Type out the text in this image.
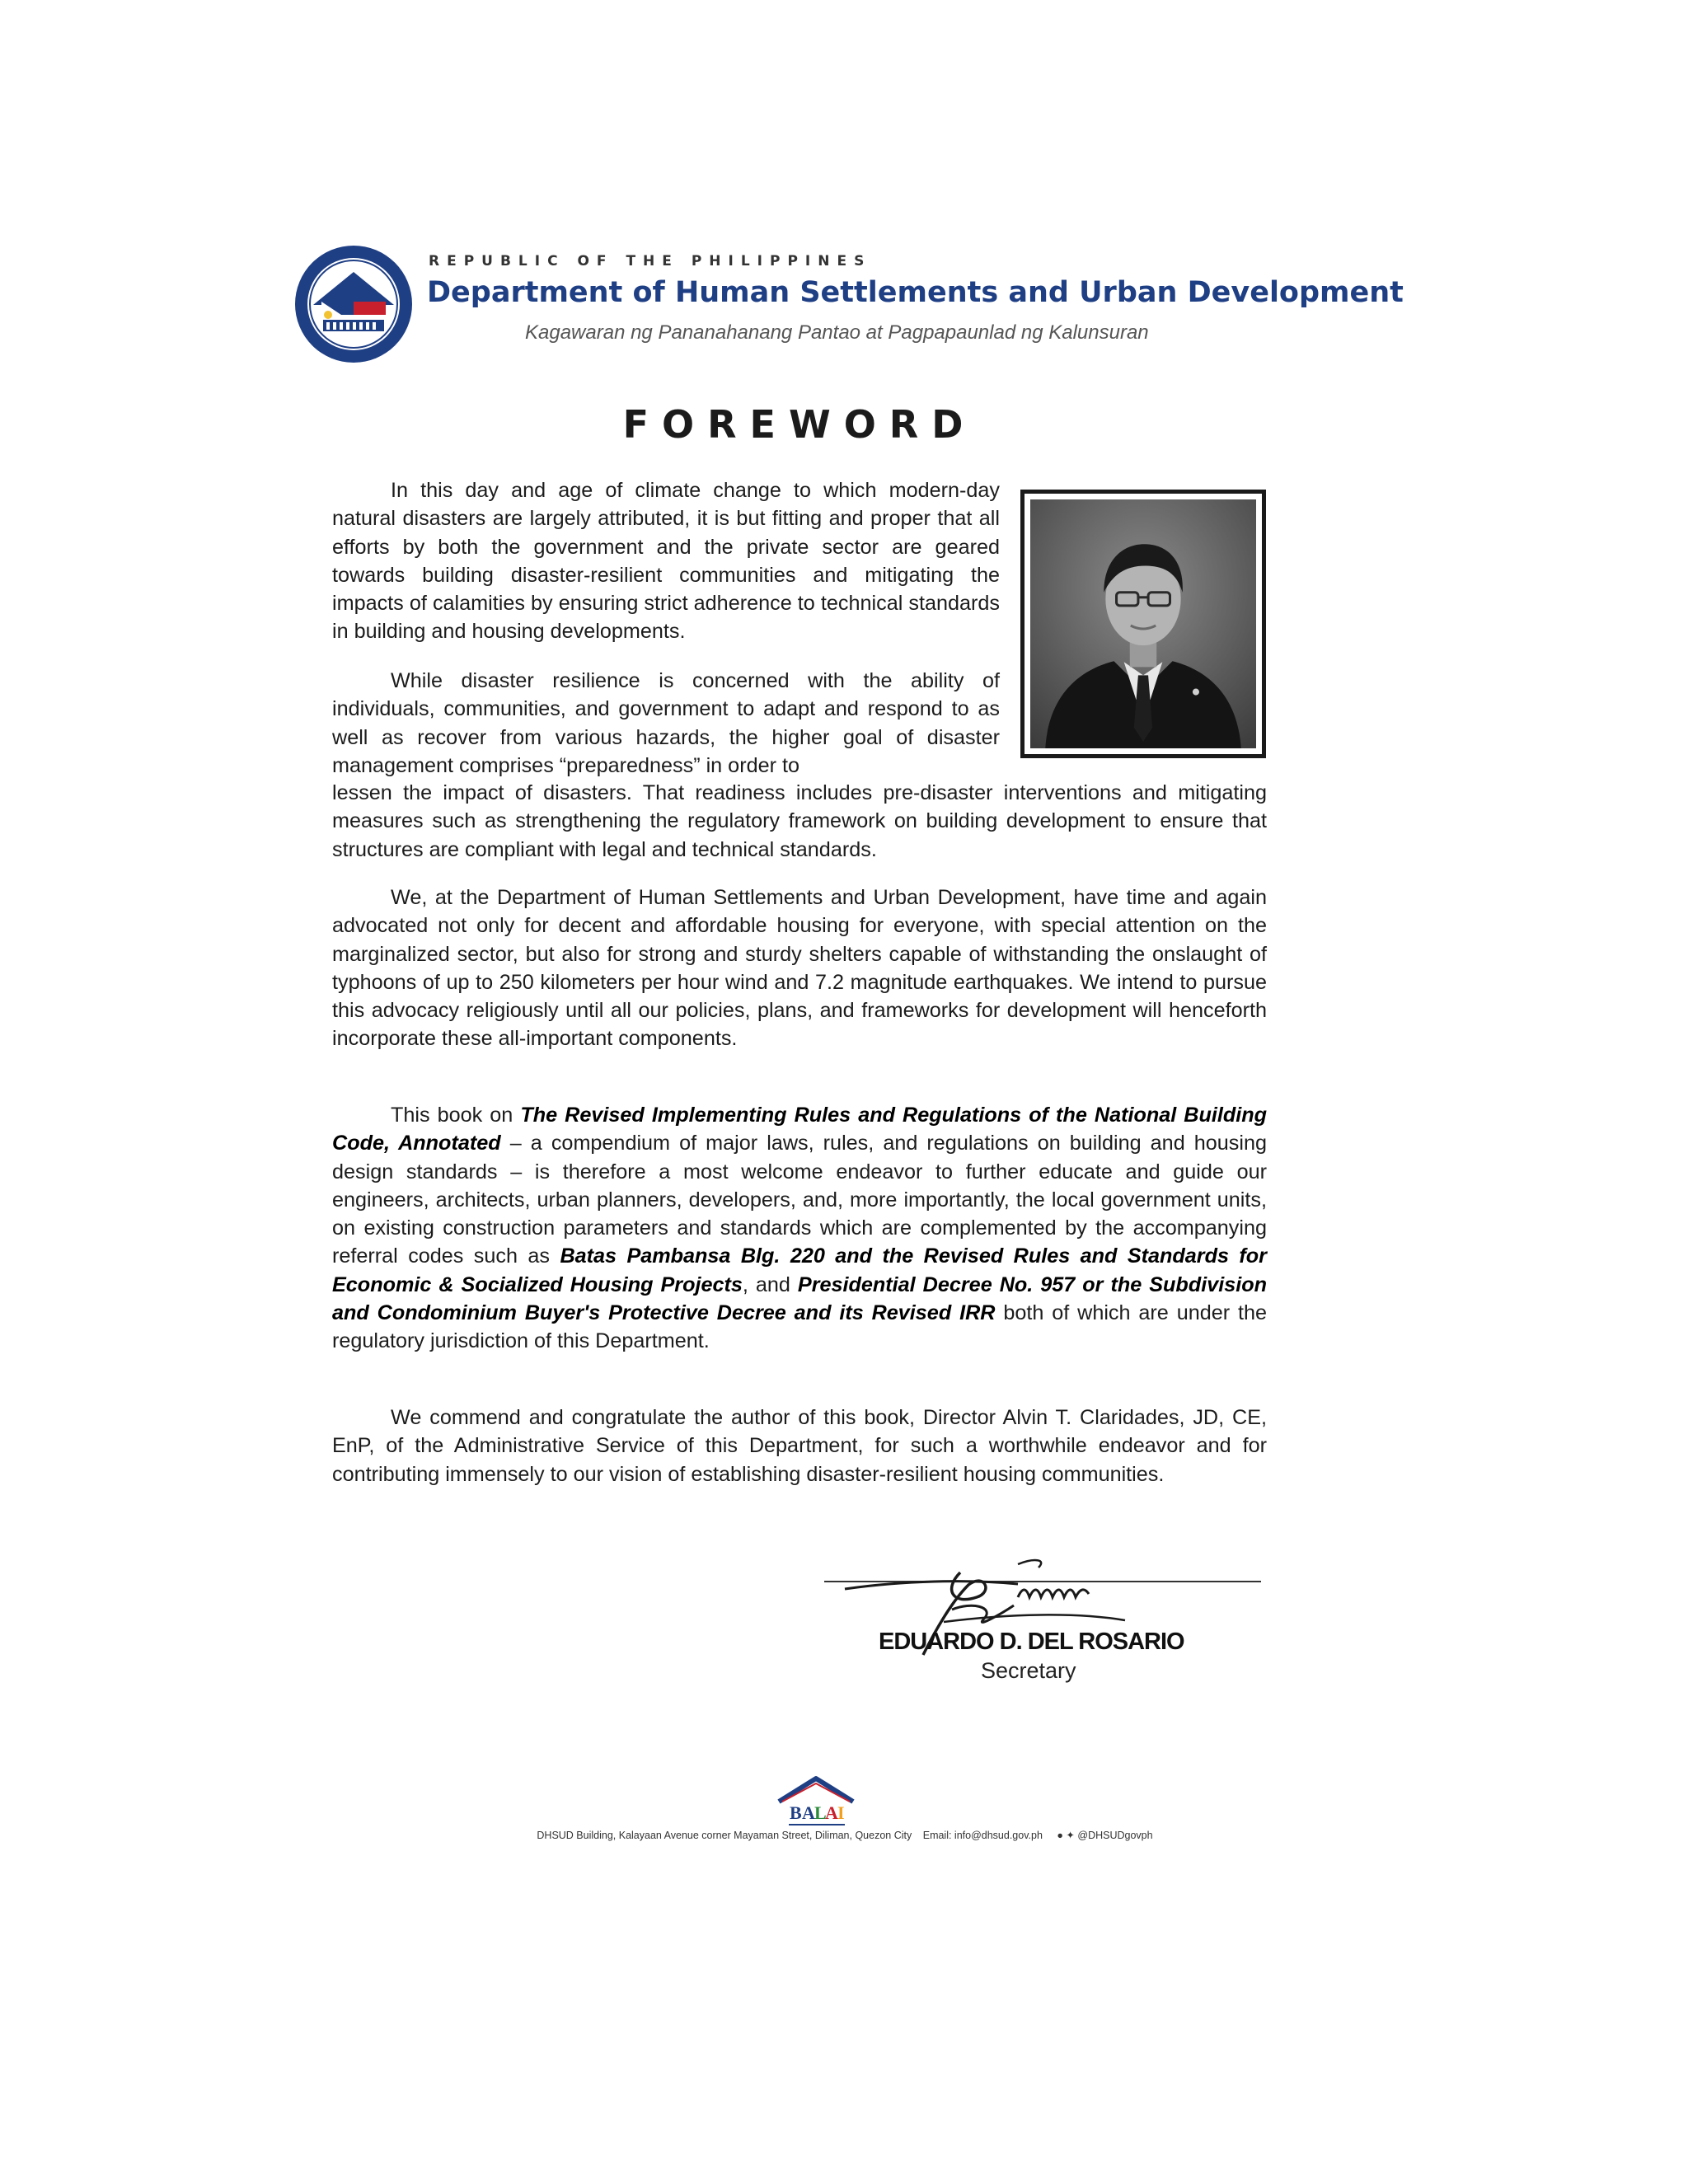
REPUBLIC OF THE PHILIPPINES
Department of Human Settlements and Urban Development
Kagawaran ng Pananahanang Pantao at Pagpapaunlad ng Kalunsuran
FOREWORD

In this day and age of climate change to which modern-day natural disasters are largely attributed, it is but fitting and proper that all efforts by both the government and the private sector are geared towards building disaster-resilient communities and mitigating the impacts of calamities by ensuring strict adherence to technical standards in building and housing developments.

While disaster resilience is concerned with the ability of individuals, communities, and government to adapt and respond to as well as recover from various hazards, the higher goal of disaster management comprises “preparedness” in order to

lessen the impact of disasters. That readiness includes pre-disaster interventions and mitigating measures such as strengthening the regulatory framework on building development to ensure that structures are compliant with legal and technical standards.

We, at the Department of Human Settlements and Urban Development, have time and again advocated not only for decent and affordable housing for everyone, with special attention on the marginalized sector, but also for strong and sturdy shelters capable of withstanding the onslaught of typhoons of up to 250 kilometers per hour wind and 7.2 magnitude earthquakes. We intend to pursue this advocacy religiously until all our policies, plans, and frameworks for development will henceforth incorporate these all-important components.

This book on The Revised Implementing Rules and Regulations of the National Building Code, Annotated – a compendium of major laws, rules, and regulations on building and housing design standards – is therefore a most welcome endeavor to further educate and guide our engineers, architects, urban planners, developers, and, more importantly, the local government units, on existing construction parameters and standards which are complemented by the accompanying referral codes such as Batas Pambansa Blg. 220 and the Revised Rules and Standards for Economic & Socialized Housing Projects, and Presidential Decree No. 957 or the Subdivision and Condominium Buyer's Protective Decree and its Revised IRR both of which are under the regulatory jurisdiction of this Department.

We commend and congratulate the author of this book, Director Alvin T. Claridades, JD, CE, EnP, of the Administrative Service of this Department, for such a worthwhile endeavor and for contributing immensely to our vision of establishing disaster-resilient housing communities.

EDUARDO D. DEL ROSARIO
Secretary
B A L
A I
DHSUD Building, Kalayaan Avenue corner Mayaman Street, Diliman, Quezon City Email: info@dhsud.gov.ph ● ✦ @DHSUDgovph
